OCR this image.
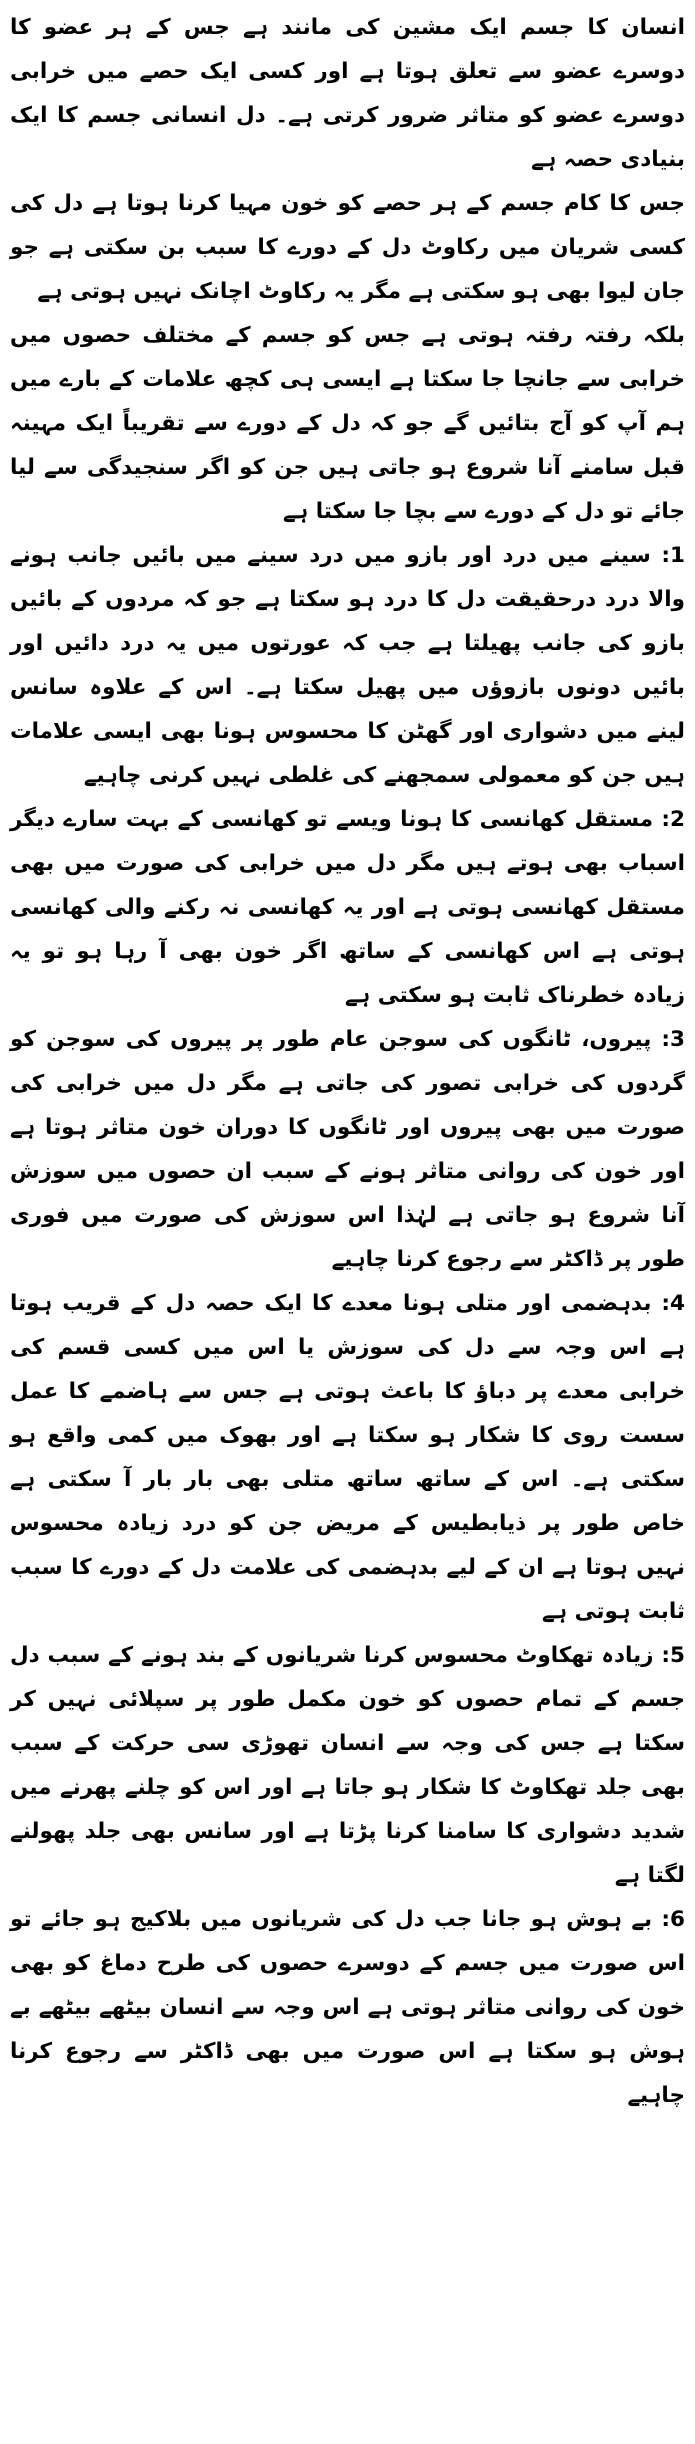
انسان کا جسم ایک مشین کی مانند ہے جس کے ہر عضو کا دوسرے عضو سے تعلق ہوتا ہے اور کسی ایک حصے میں خرابی دوسرے عضو کو متاثر ضرور کرتی ہے۔ دل انسانی جسم کا ایک بنیادی حصہ ہے

جس کا کام جسم کے ہر حصے کو خون مہیا کرنا ہوتا ہے دل کی کسی شریان میں رکاوٹ دل کے دورے کا سبب بن سکتی ہے جو جان لیوا بھی ہو سکتی ہے مگر یہ رکاوٹ اچانک نہیں ہوتی ہے

بلکہ رفتہ رفتہ ہوتی ہے جس کو جسم کے مختلف حصوں میں خرابی سے جانچا جا سکتا ہے ایسی ہی کچھ علامات کے بارے میں ہم آپ کو آج بتائیں گے جو کہ دل کے دورے سے تقریباً ایک مہینہ قبل سامنے آنا شروع ہو جاتی ہیں جن کو اگر سنجیدگی سے لیا جائے تو دل کے دورے سے بچا جا سکتا ہے

1: سینے میں درد اور بازو میں درد سینے میں بائیں جانب ہونے والا درد درحقیقت دل کا درد ہو سکتا ہے جو کہ مردوں کے بائیں بازو کی جانب پھیلتا ہے جب کہ عورتوں میں یہ درد دائیں اور بائیں دونوں بازوؤں میں پھیل سکتا ہے۔ اس کے علاوہ سانس لینے میں دشواری اور گھٹن کا محسوس ہونا بھی ایسی علامات ہیں جن کو معمولی سمجھنے کی غلطی نہیں کرنی چاہیے

2: مستقل کھانسی کا ہونا ویسے تو کھانسی کے بہت سارے دیگر اسباب بھی ہوتے ہیں مگر دل میں خرابی کی صورت میں بھی مستقل کھانسی ہوتی ہے اور یہ کھانسی نہ رکنے والی کھانسی ہوتی ہے اس کھانسی کے ساتھ اگر خون بھی آ رہا ہو تو یہ زیادہ خطرناک ثابت ہو سکتی ہے

3: پیروں، ٹانگوں کی سوجن عام طور پر پیروں کی سوجن کو گردوں کی خرابی تصور کی جاتی ہے مگر دل میں خرابی کی صورت میں بھی پیروں اور ٹانگوں کا دوران خون متاثر ہوتا ہے اور خون کی روانی متاثر ہونے کے سبب ان حصوں میں سوزش آنا شروع ہو جاتی ہے لہٰذا اس سوزش کی صورت میں فوری طور پر ڈاکٹر سے رجوع کرنا چاہیے

4: بدہضمی اور متلی ہونا معدے کا ایک حصہ دل کے قریب ہوتا ہے اس وجہ سے دل کی سوزش یا اس میں کسی قسم کی خرابی معدے پر دباؤ کا باعث ہوتی ہے جس سے ہاضمے کا عمل سست روی کا شکار ہو سکتا ہے اور بھوک میں کمی واقع ہو سکتی ہے۔ اس کے ساتھ ساتھ متلی بھی بار بار آ سکتی ہے خاص طور پر ذیابطیس کے مریض جن کو درد زیادہ محسوس نہیں ہوتا ہے ان کے لیے بدہضمی کی علامت دل کے دورے کا سبب ثابت ہوتی ہے

5: زیادہ تھکاوٹ محسوس کرنا شریانوں کے بند ہونے کے سبب دل جسم کے تمام حصوں کو خون مکمل طور پر سپلائی نہیں کر سکتا ہے جس کی وجہ سے انسان تھوڑی سی حرکت کے سبب بھی جلد تھکاوٹ کا شکار ہو جاتا ہے اور اس کو چلنے پھرنے میں شدید دشواری کا سامنا کرنا پڑتا ہے اور سانس بھی جلد پھولنے لگتا ہے

6: بے ہوش ہو جانا جب دل کی شریانوں میں بلاکیج ہو جائے تو اس صورت میں جسم کے دوسرے حصوں کی طرح دماغ کو بھی خون کی روانی متاثر ہوتی ہے اس وجہ سے انسان بیٹھے بیٹھے بے ہوش ہو سکتا ہے اس صورت میں بھی ڈاکٹر سے رجوع کرنا چاہیے
